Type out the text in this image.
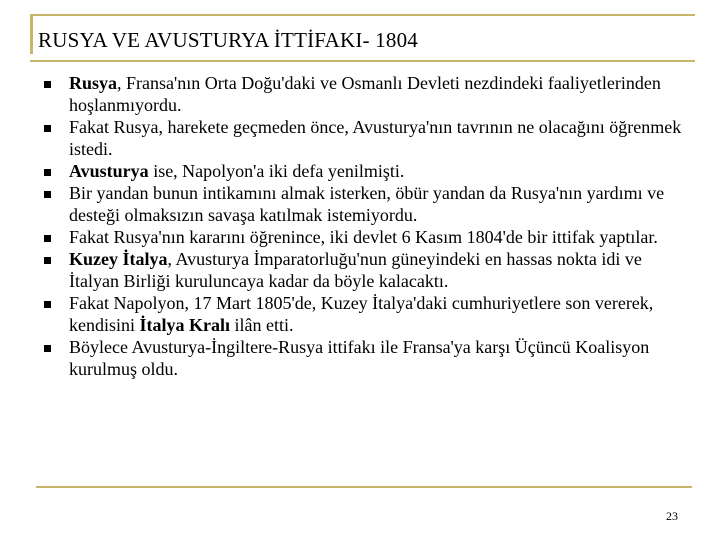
RUSYA VE AVUSTURYA İTTİFAKI- 1804
Rusya, Fransa'nın Orta Doğu'daki ve Osmanlı Devleti nezdindeki faaliyetlerinden hoşlanmıyordu.
Fakat Rusya, harekete geçmeden önce, Avusturya'nın tavrının ne olacağını öğrenmek istedi.
Avusturya ise, Napolyon'a iki defa yenilmişti.
Bir yandan bunun intikamını almak isterken, öbür yandan da Rusya'nın yardımı ve desteği olmaksızın savaşa katılmak istemiyordu.
Fakat Rusya'nın kararını öğrenince, iki devlet 6 Kasım 1804'de bir ittifak yaptılar.
Kuzey İtalya, Avusturya İmparatorluğu'nun güneyindeki en hassas nokta idi ve İtalyan Birliği kuruluncaya kadar da böyle kalacaktı.
Fakat Napolyon, 17 Mart 1805'de, Kuzey İtalya'daki cumhuriyetlere son vererek, kendisini İtalya Kralı ilân etti.
Böylece Avusturya-İngiltere-Rusya ittifakı ile Fransa'ya karşı Üçüncü Koalisyon kurulmuş oldu.
23
